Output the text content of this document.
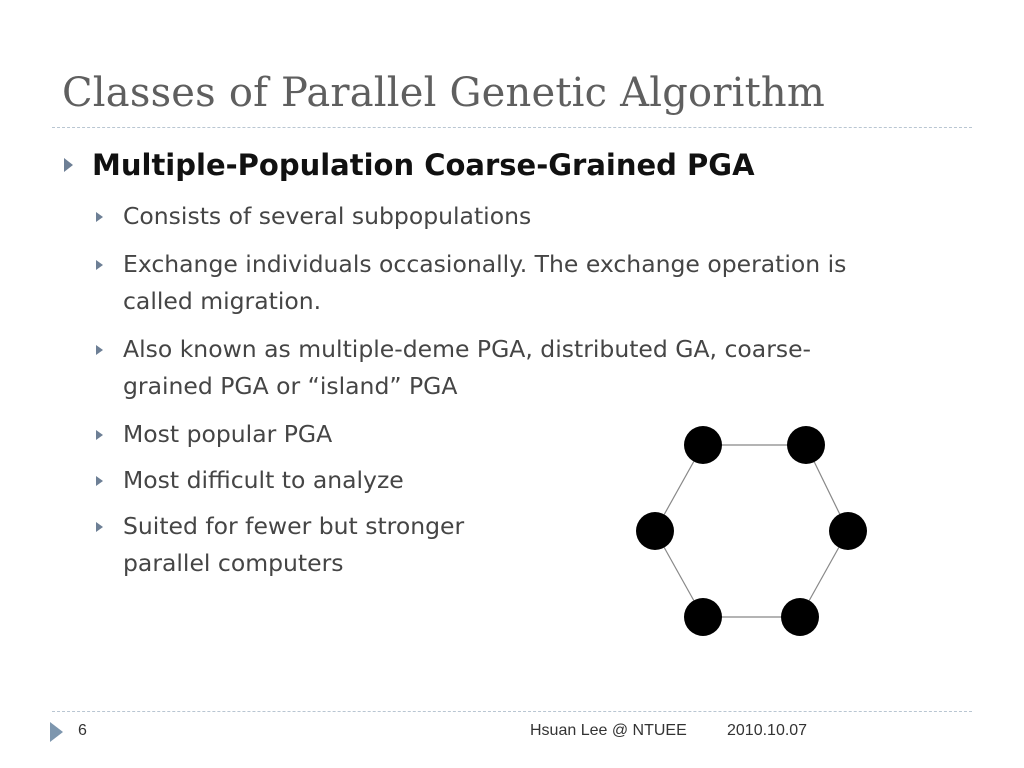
Classes of Parallel Genetic Algorithm
Multiple-Population Coarse-Grained PGA
Consists of several subpopulations
Exchange individuals occasionally. The exchange operation is
called migration.
Also known as multiple-deme PGA, distributed GA, coarse-
grained PGA or “island” PGA
Most popular PGA
Most difficult to analyze
Suited for fewer but stronger
parallel computers
6	Hsuan Lee @ NTUEE	2010.10.07
